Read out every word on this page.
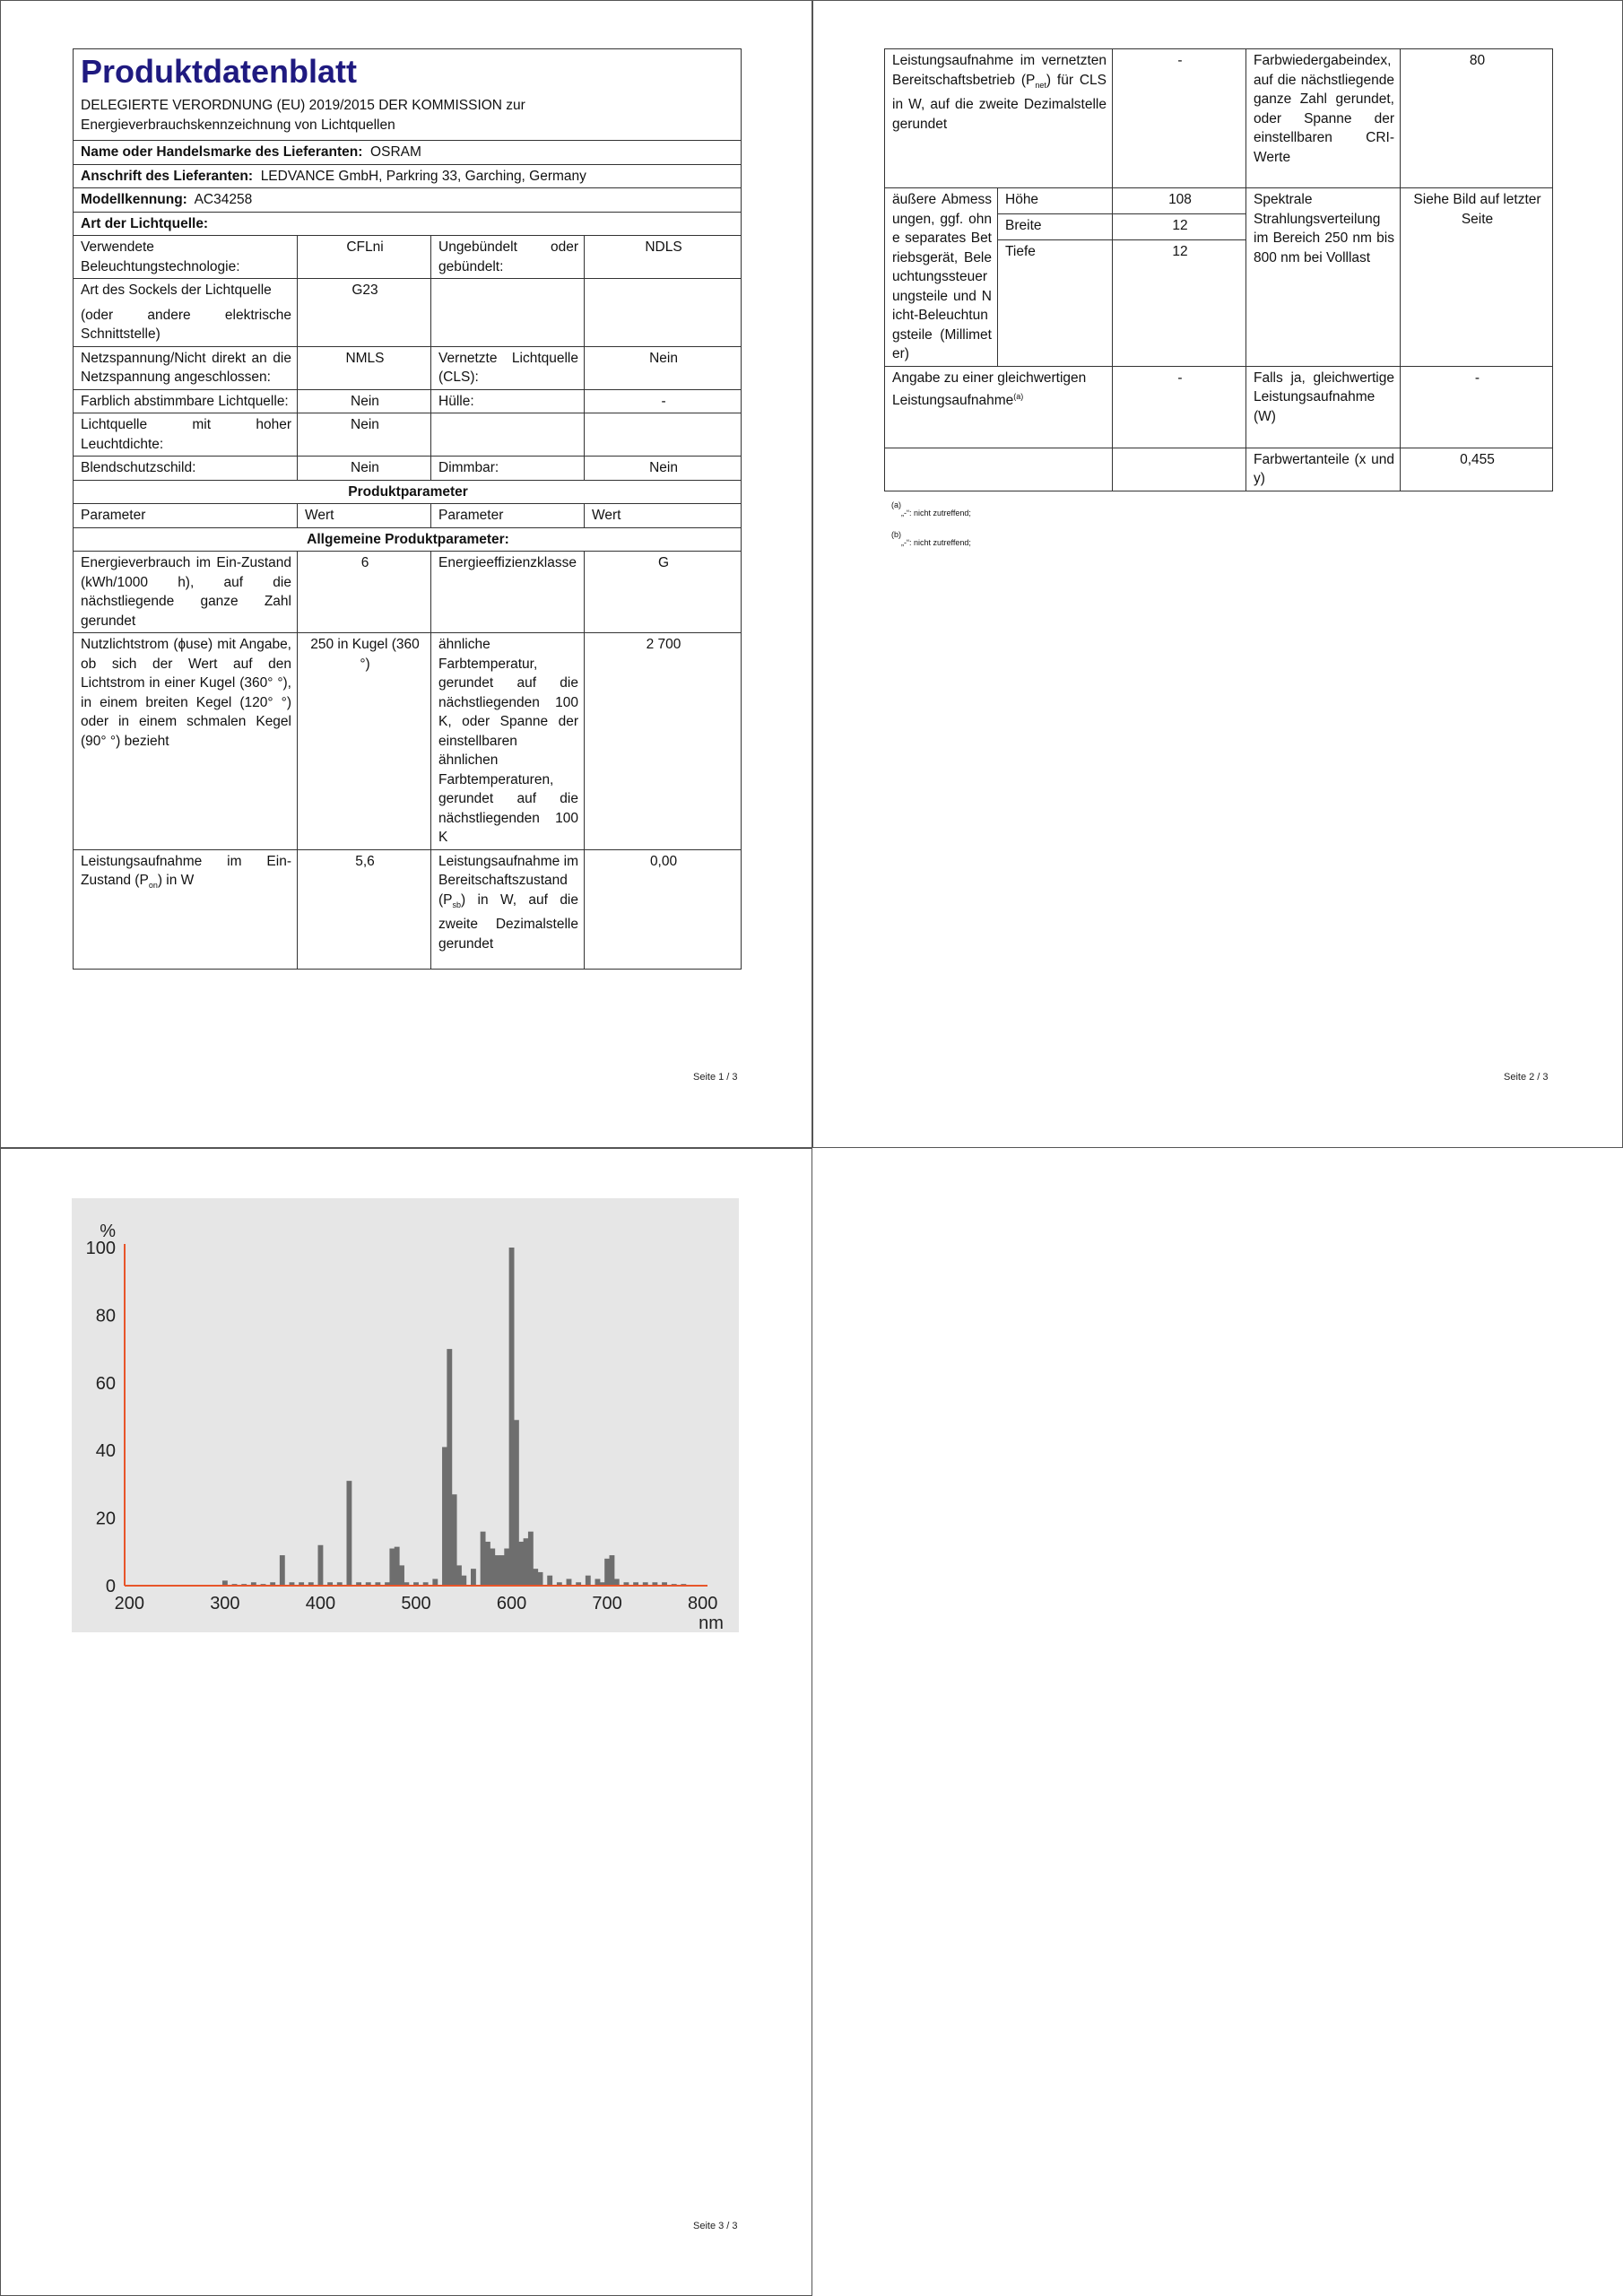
Produktdatenblatt
DELEGIERTE VERORDNUNG (EU) 2019/2015 DER KOMMISSION zur Energieverbrauchskennzeichnung von Lichtquellen			

Name oder Handelsmarke des Lieferanten: OSRAM			
Anschrift des Lieferanten: LEDVANCE GmbH, Parkring 33, Garching, Germany			
Modellkennung: AC34258			
Art der Lichtquelle:			
Verwendete Beleuchtungstechnologie:	CFLni	Ungebündelt oder gebündelt:	NDLS

Art des Sockels der Lichtquelle
(oder andere elektrische Schnittstelle)	G23		
Netzspannung/Nicht direkt an die Netzspannung angeschlossen:	NMLS	Vernetzte Lichtquelle (CLS):	Nein
Farblich abstimmbare Lichtquelle:	Nein	Hülle:	-
Lichtquelle mit hoher Leuchtdichte:	Nein		
Blendschutzschild:	Nein	Dimmbar:	Nein
Produktparameter			
Parameter	Wert	Parameter	Wert
Allgemeine Produktparameter:			
Energieverbrauch im Ein-Zustand (kWh/1000 h), auf die nächstliegende ganze Zahl gerundet	6	Energieeffizienzklasse	G
Nutzlichtstrom (ɸuse) mit Angabe, ob sich der Wert auf den Lichtstrom in einer Kugel (360° °), in einem breiten Kegel (120° °) oder in einem schmalen Kegel (90° °) bezieht	250 in Kugel (360 °)	ähnliche Farbtemperatur, gerundet auf die nächstliegenden 100 K, oder Spanne der einstellbaren ähnlichen Farbtemperaturen, gerundet auf die nächstliegenden 100 K	2 700
Leistungsaufnahme im Ein-Zustand $(P_{on})$ in W	5,6	Leistungsaufnahme im Bereitschaftszustand $(P_{sb})$ in W, auf die zweite Dezimalstelle gerundet	0,00
Seite 1 / 3
Leistungsaufnahme im vernetzten Bereitschaftsbetrieb $(P_{net})$ für CLS in W, auf die zweite Dezimalstelle gerundet		-	Farbwiedergabeindex, auf die nächstliegende ganze Zahl gerundet, oder Spanne der einstellbaren CRI-Werte	80
äußere Abmessungen, ggf. ohne separates Betriebsgerät, Beleuchtungssteuerungsteile und Nicht-Beleuchtungsteile (Millimeter)	Höhe	108	Spektrale Strahlungsverteilung im Bereich 250 nm bis 800 nm bei Volllast	Siehe Bild auf letzter Seite
	Breite	12		
	Tiefe	12		
Angabe zu einer gleichwertigen Leistungsaufnahme$^{(a)}$		-	Falls ja, gleichwertige Leistungsaufnahme (W)	-
			Farbwertanteile (x und y)	0,455
Seite 2 / 3
$^{(a)}_{„-“: nicht zutreffend;}$
$^{(b)}_{„-“: nicht zutreffend;}$
Seite 3 / 3
0
20
40
60
80
100
200	300	400	500	600	700	800
%
nm
